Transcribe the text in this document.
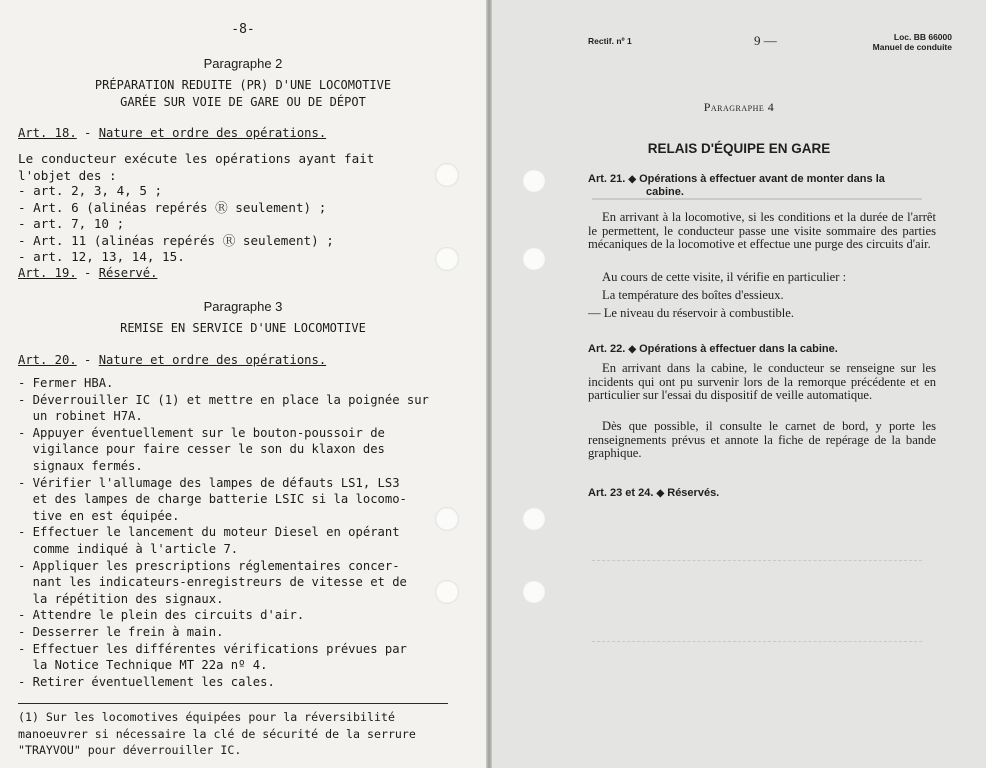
-8-
Paragraphe 2
PRÉPARATION REDUITE (PR) D'UNE LOCOMOTIVE
GARÉE SUR VOIE DE GARE OU DE DÉPOT
Art. 18. - Nature et ordre des opérations.
Le conducteur exécute les opérations ayant fait
l'objet des :
- art. 2, 3, 4, 5 ;
- Art. 6 (alinéas repérés Ⓡ seulement) ;
- art. 7, 10 ;
- Art. 11 (alinéas repérés Ⓡ seulement) ;
- art. 12, 13, 14, 15.
Art. 19. - Réservé.
Paragraphe 3
REMISE EN SERVICE D'UNE LOCOMOTIVE
Art. 20. - Nature et ordre des opérations.
- Fermer HBA.
- Déverrouiller IC (1) et mettre en place la poignée sur
un robinet H7A.
- Appuyer éventuellement sur le bouton-poussoir de
vigilance pour faire cesser le son du klaxon des
signaux fermés.
- Vérifier l'allumage des lampes de défauts LS1, LS3
et des lampes de charge batterie LSIC si la locomo-
tive en est équipée.
- Effectuer le lancement du moteur Diesel en opérant
comme indiqué à l'article 7.
- Appliquer les prescriptions réglementaires concer-
nant les indicateurs-enregistreurs de vitesse et de
la répétition des signaux.
- Attendre le plein des circuits d'air.
- Desserrer le frein à main.
- Effectuer les différentes vérifications prévues par
la Notice Technique MT 22a nº 4.
- Retirer éventuellement les cales.
(1) Sur les locomotives équipées pour la réversibilité
manoeuvrer si nécessaire la clé de sécurité de la serrure
"TRAYVOU" pour déverrouiller IC.
Rectif. nº 1	9 —	Loc. BB 66000
Manuel de conduite
Paragraphe 4
RELAIS D'ÉQUIPE EN GARE
Art. 21. ◆ Opérations à effectuer avant de monter dans la
cabine.

En arrivant à la locomotive, si les conditions et la durée de l'arrêt le permettent, le conducteur passe une visite sommaire des parties mécaniques de la locomotive et effectue une purge des circuits d'air.

Au cours de cette visite, il vérifie en particulier :
La température des boîtes d'essieux.
— Le niveau du réservoir à combustible.
Art. 22. ◆ Opérations à effectuer dans la cabine.

En arrivant dans la cabine, le conducteur se renseigne sur les incidents qui ont pu survenir lors de la remorque précédente et en particulier sur l'essai du dispositif de veille automatique.

Dès que possible, il consulte le carnet de bord, y porte les renseignements prévus et annote la fiche de repérage de la bande graphique.

Art. 23 et 24. ◆ Réservés.
